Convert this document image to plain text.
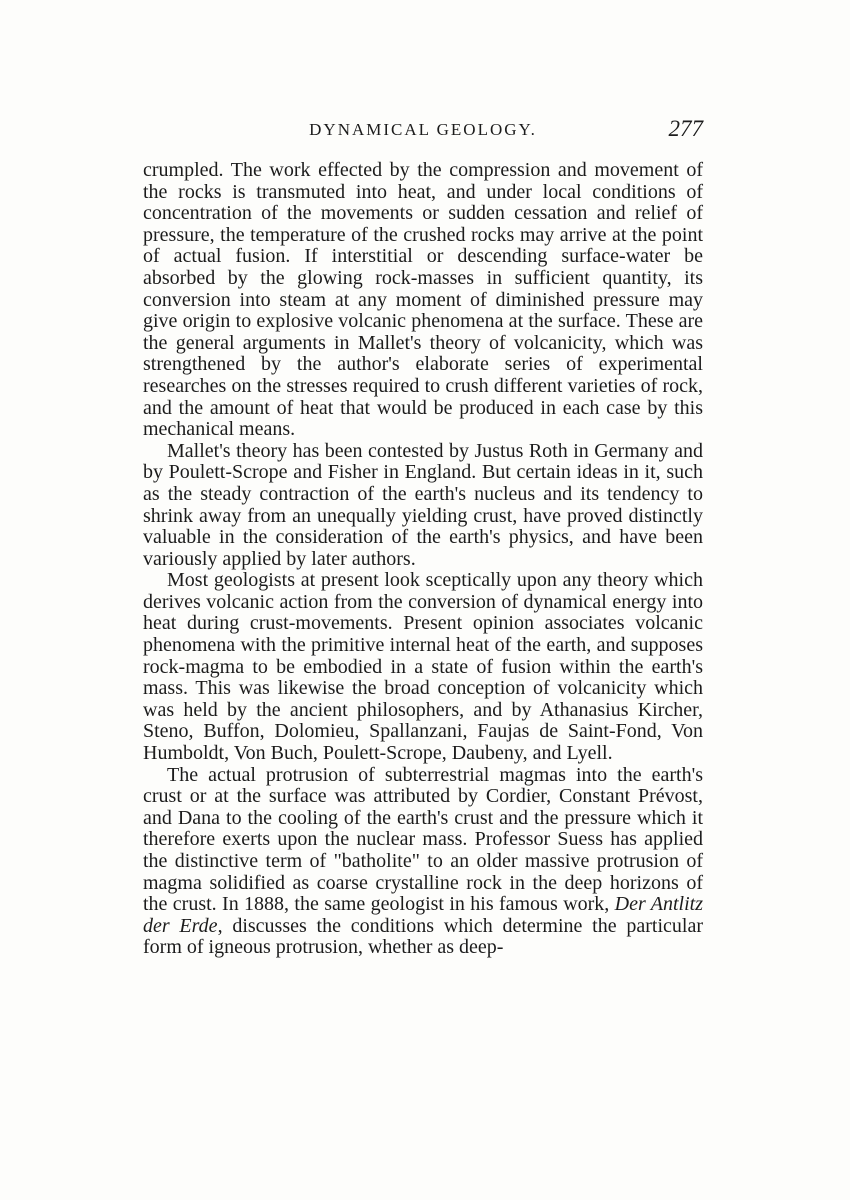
DYNAMICAL GEOLOGY.	277

crumpled. The work effected by the compression and movement of the rocks is transmuted into heat, and under local conditions of concentration of the movements or sudden cessation and relief of pressure, the temperature of the crushed rocks may arrive at the point of actual fusion. If interstitial or descending surface-water be absorbed by the glowing rock-masses in sufficient quantity, its conversion into steam at any moment of diminished pressure may give origin to explosive volcanic phenomena at the surface. These are the general arguments in Mallet's theory of volcanicity, which was strengthened by the author's elaborate series of experimental researches on the stresses required to crush different varieties of rock, and the amount of heat that would be produced in each case by this mechanical means.

Mallet's theory has been contested by Justus Roth in Germany and by Poulett-Scrope and Fisher in England. But certain ideas in it, such as the steady contraction of the earth's nucleus and its tendency to shrink away from an unequally yielding crust, have proved distinctly valuable in the consideration of the earth's physics, and have been variously applied by later authors.

Most geologists at present look sceptically upon any theory which derives volcanic action from the conversion of dynamical energy into heat during crust-movements. Present opinion associates volcanic phenomena with the primitive internal heat of the earth, and supposes rock-magma to be embodied in a state of fusion within the earth's mass. This was likewise the broad conception of volcanicity which was held by the ancient philosophers, and by Athanasius Kircher, Steno, Buffon, Dolomieu, Spallanzani, Faujas de Saint-Fond, Von Humboldt, Von Buch, Poulett-Scrope, Daubeny, and Lyell.

The actual protrusion of subterrestrial magmas into the earth's crust or at the surface was attributed by Cordier, Constant Prévost, and Dana to the cooling of the earth's crust and the pressure which it therefore exerts upon the nuclear mass. Professor Suess has applied the distinctive term of "batholite" to an older massive protrusion of magma solidified as coarse crystalline rock in the deep horizons of the crust. In 1888, the same geologist in his famous work, Der Antlitz der Erde, discusses the conditions which determine the particular form of igneous protrusion, whether as deep-
